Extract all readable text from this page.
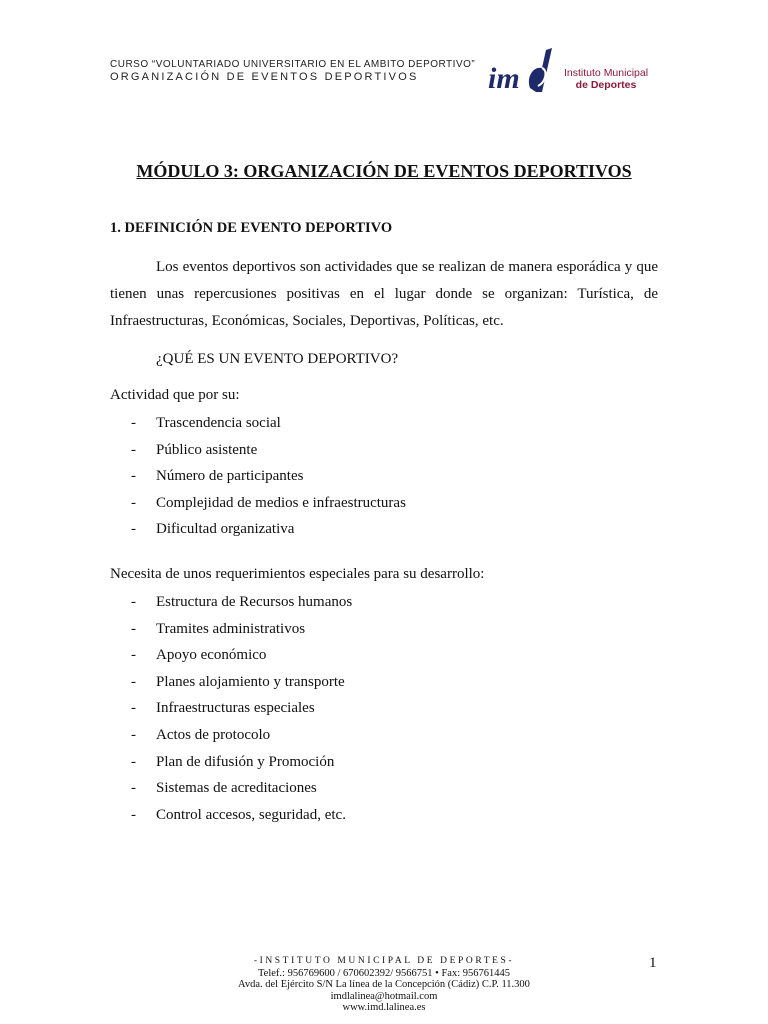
CURSO “VOLUNTARIADO UNIVERSITARIO EN EL AMBITO DEPORTIVO”
ORGANIZACIÓN DE EVENTOS DEPORTIVOS	im	Instituto Municipal
de Deportes
MÓDULO 3: ORGANIZACIÓN DE EVENTOS DEPORTIVOS
1. DEFINICIÓN DE EVENTO DEPORTIVO

Los eventos deportivos son actividades que se realizan de manera esporádica y que tienen unas repercusiones positivas en el lugar donde se organizan: Turística, de Infraestructuras, Económicas, Sociales, Deportivas, Políticas, etc.

¿QUÉ ES UN EVENTO DEPORTIVO?
Actividad que por su:
- Trascendencia social
- Público asistente
- Número de participantes
- Complejidad de medios e infraestructuras
- Dificultad organizativa
Necesita de unos requerimientos especiales para su desarrollo:
- Estructura de Recursos humanos
- Tramites administrativos
- Apoyo económico
- Planes alojamiento y transporte
- Infraestructuras especiales
- Actos de protocolo
- Plan de difusión y Promoción
- Sistemas de acreditaciones
- Control accesos, seguridad, etc.
-INSTITUTO MUNICIPAL DE DEPORTES-
Telef.: 956769600 / 670602392/ 9566751 • Fax: 956761445
Avda. del Ejército S/N La línea de la Concepción (Cádiz) C.P. 11.300
imdlalinea@hotmail.com
www.imd.lalinea.es
1
